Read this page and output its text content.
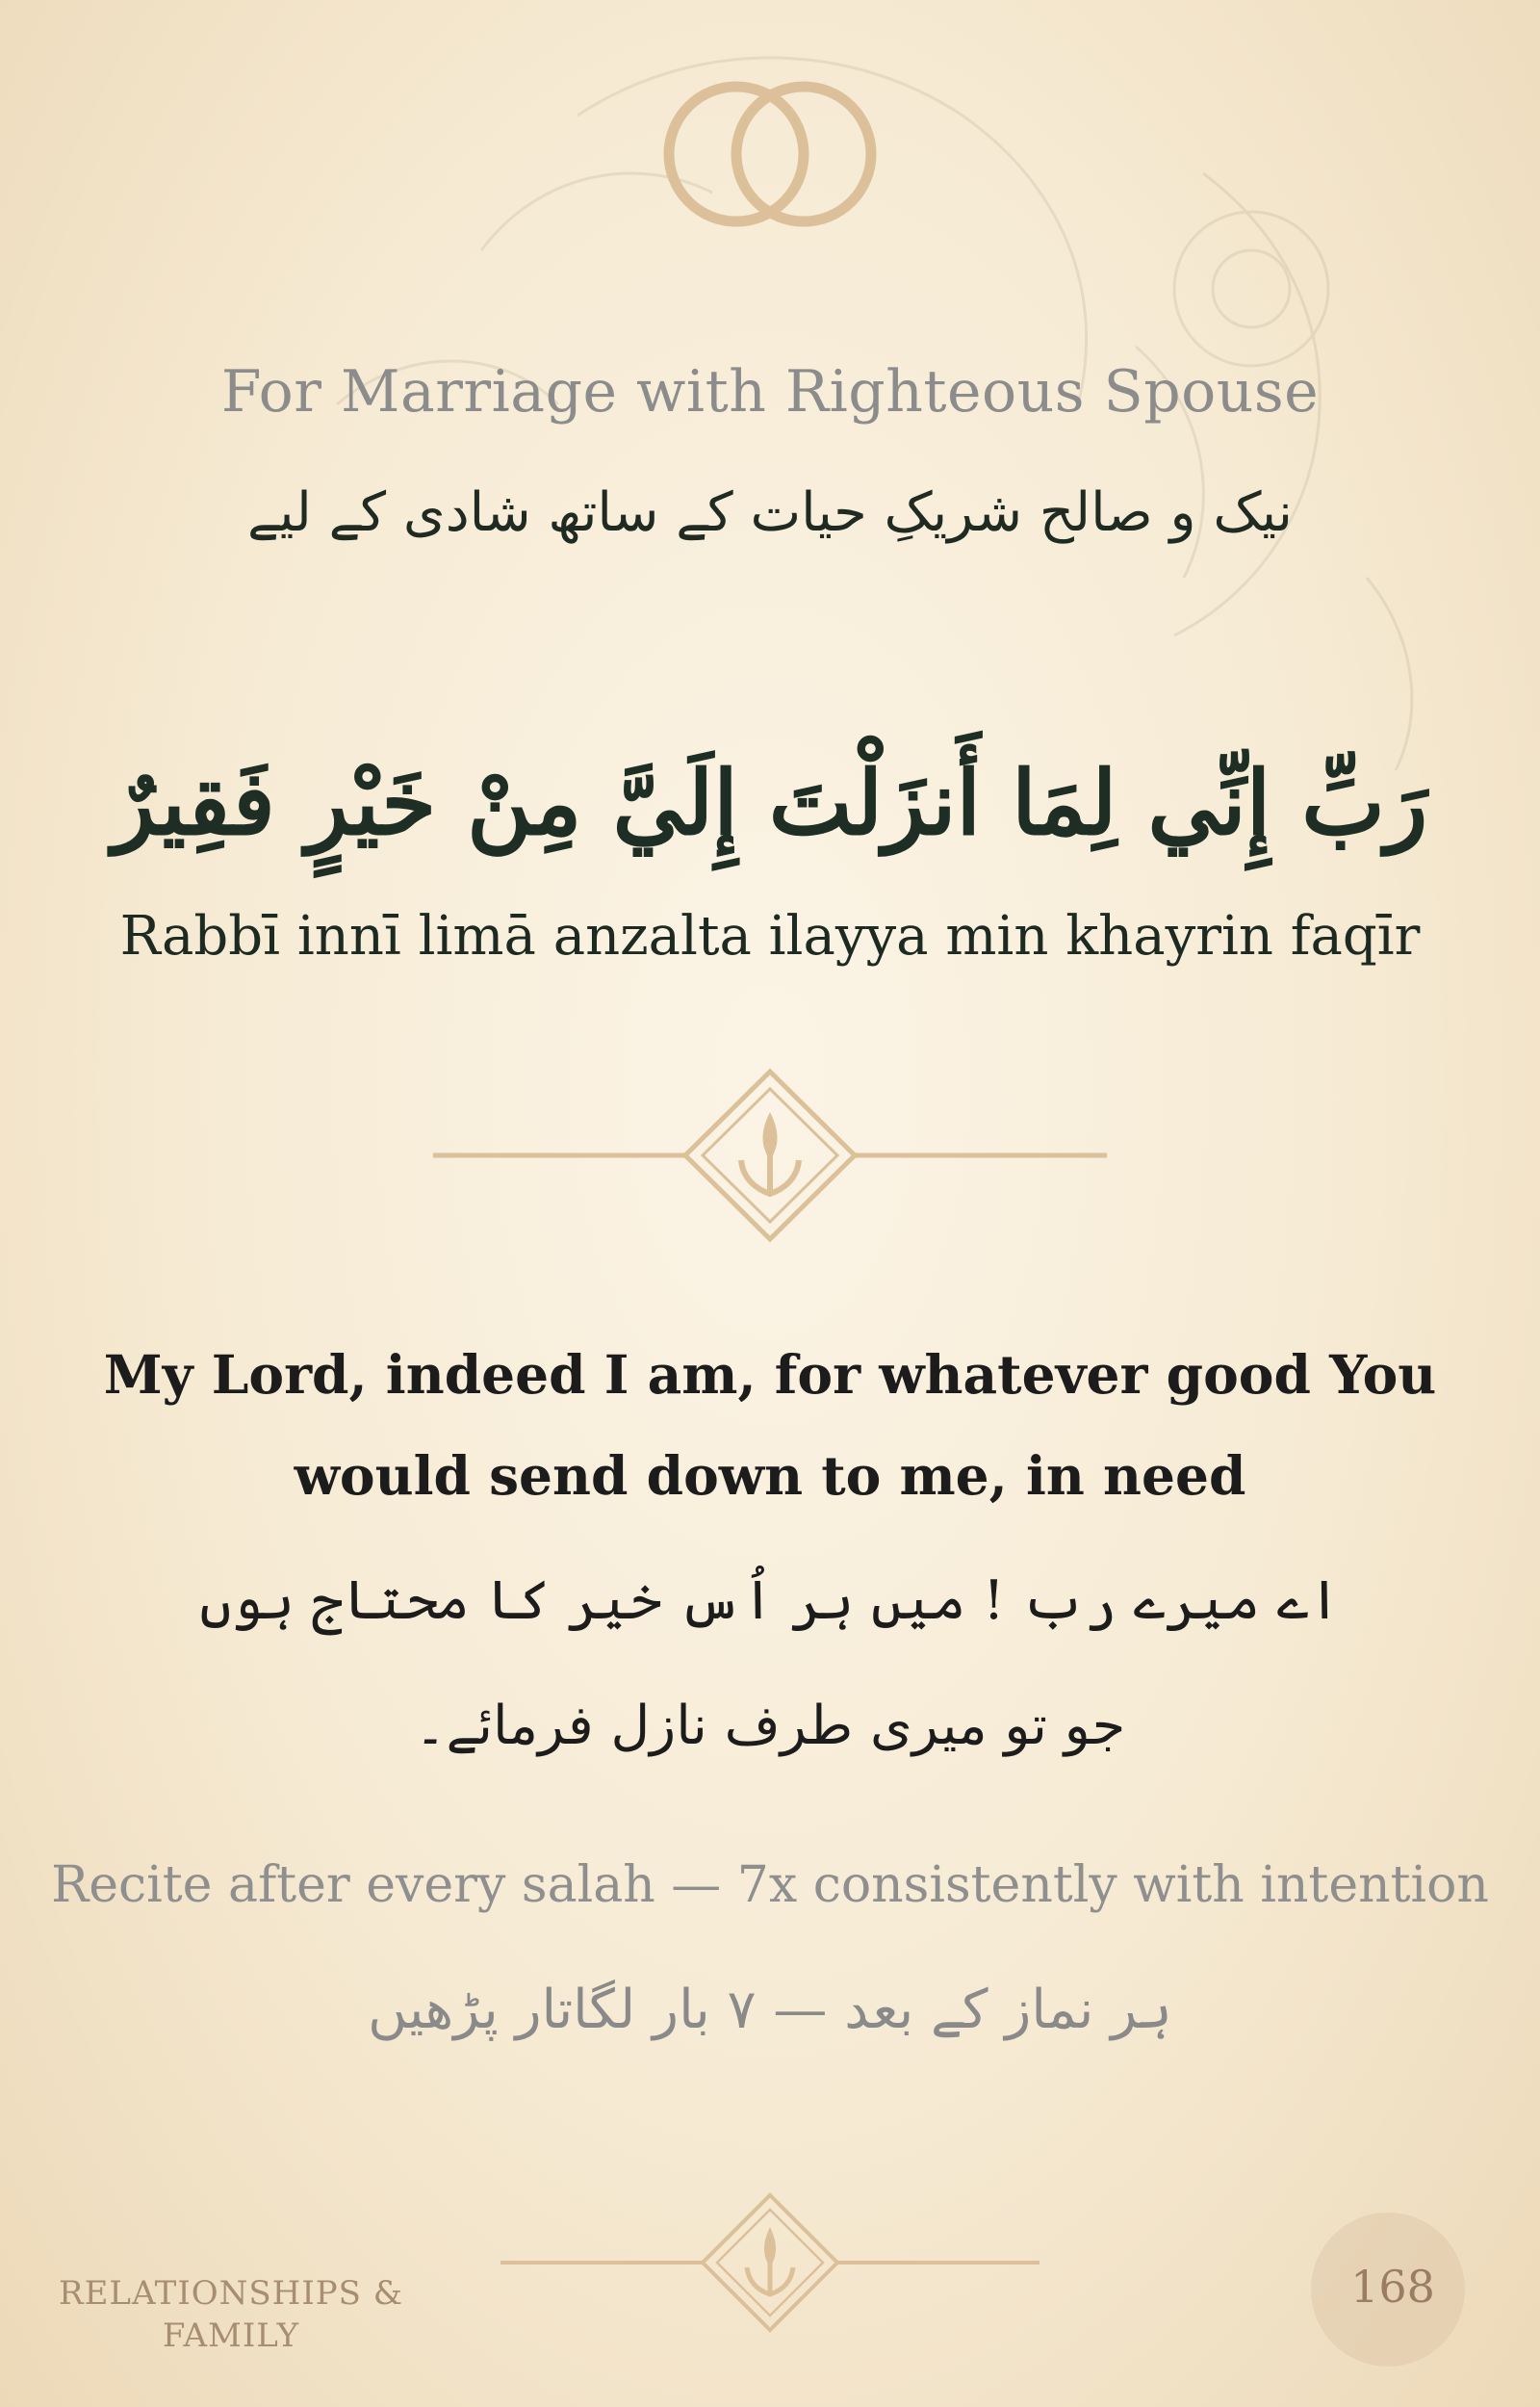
For Marriage with Righteous Spouse
نیک و صالح شریکِ حیات کے ساتھ شادی کے لیے
رَبِّ إِنِّي لِمَا أَنزَلْتَ إِلَيَّ مِنْ خَيْرٍ فَقِيرٌ
Rabbī innī limā anzalta ilayya min khayrin faqīr
My Lord, indeed I am, for whatever good You
would send down to me, in need
اے میرے رب ! میں ہر اُس خیر کا محتاج ہوں
جو تو میری طرف نازل فرمائے۔
Recite after every salah — 7x consistently with intention
ہر نماز کے بعد — ۷ بار لگاتار پڑھیں
RELATIONSHIPS &
FAMILY
168
